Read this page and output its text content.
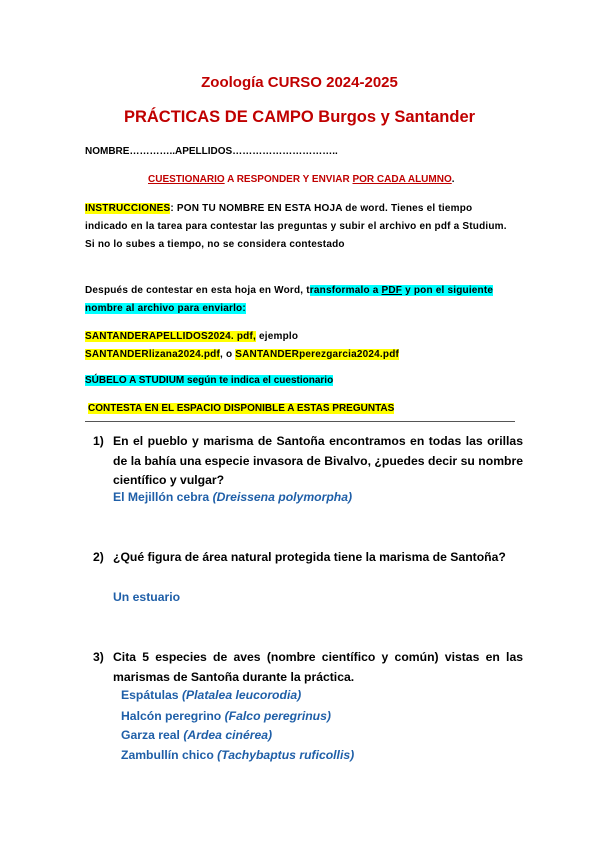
Zoología CURSO 2024-2025
PRÁCTICAS DE CAMPO Burgos y Santander
NOMBRE…………..APELLIDOS…………………………..
CUESTIONARIO A RESPONDER Y ENVIAR POR CADA ALUMNO.
INSTRUCCIONES: PON TU NOMBRE EN ESTA HOJA de word. Tienes el tiempo indicado en la tarea para contestar las preguntas y subir el archivo en pdf a Studium. Si no lo subes a tiempo, no se considera contestado
Después de contestar en esta hoja en Word, transformalo a PDF y pon el siguiente nombre al archivo para enviarlo:
SANTANDERAPELLIDOS2024. pdf, ejemplo
SANTANDERlizana2024.pdf, o SANTANDERperezgarcia2024.pdf
SÚBELO A STUDIUM según te indica el cuestionario
CONTESTA EN EL ESPACIO DISPONIBLE A ESTAS PREGUNTAS
1) En el pueblo y marisma de Santoña encontramos en todas las orillas de la bahía una especie invasora de Bivalvo, ¿puedes decir su nombre científico y vulgar?
El Mejillón cebra (Dreissena polymorpha)
2) ¿Qué figura de área natural protegida tiene la marisma de Santoña?
Un estuario
3) Cita 5 especies de aves (nombre científico y común) vistas en las marismas de Santoña durante la práctica.
Espátulas (Platalea leucorodia)
Halcón peregrino (Falco peregrinus)
Garza real (Ardea cinérea)
Zambullín chico (Tachybaptus ruficollis)
